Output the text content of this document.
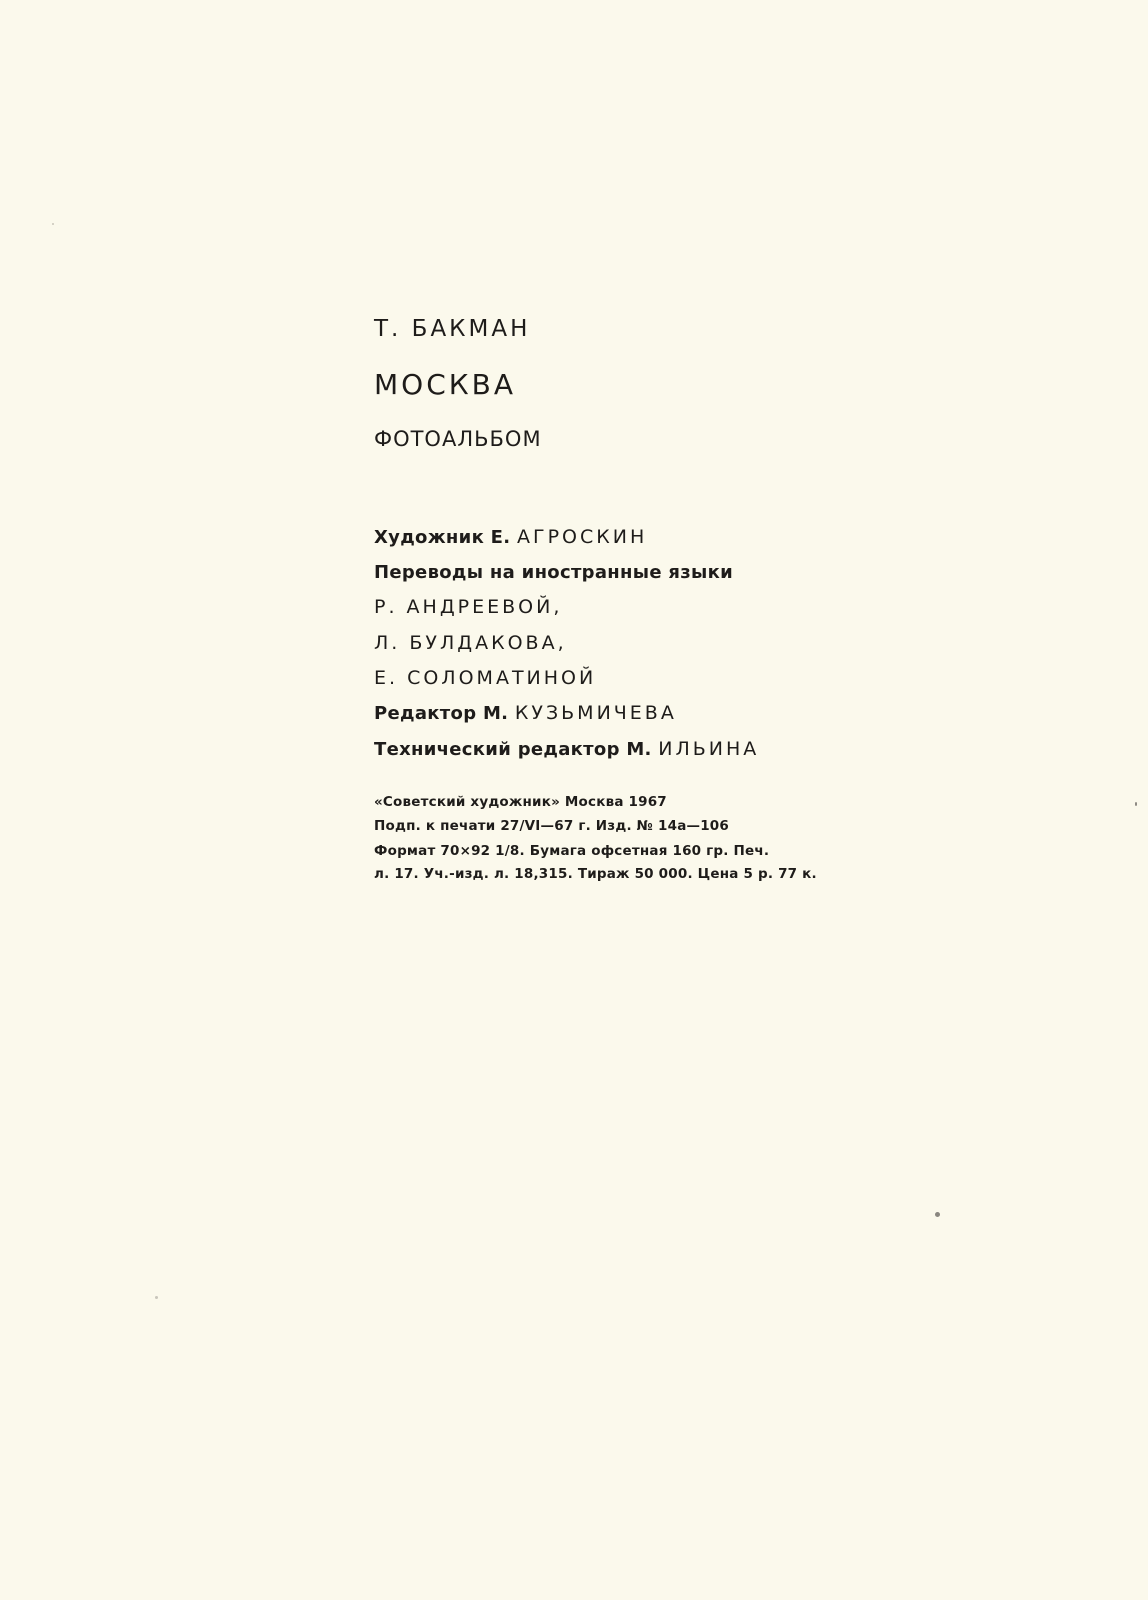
Т. БАКМАН

МОСКВА

ФОТОАЛЬБОМ

Художник Е. АГРОСКИН

Переводы на иностранные языки

Р. АНДРЕЕВОЙ,

Л. БУЛДАКОВА,

Е. СОЛОМАТИНОЙ

Редактор М. КУЗЬМИЧЕВА

Технический редактор М. ИЛЬИНА

«Советский художник» Москва 1967

Подп. к печати 27/VI—67 г. Изд. № 14а—106

Формат 70×92 1/8. Бумага офсетная 160 гр. Печ.

л. 17. Уч.-изд. л. 18,315. Тираж 50 000. Цена 5 р. 77 к.
